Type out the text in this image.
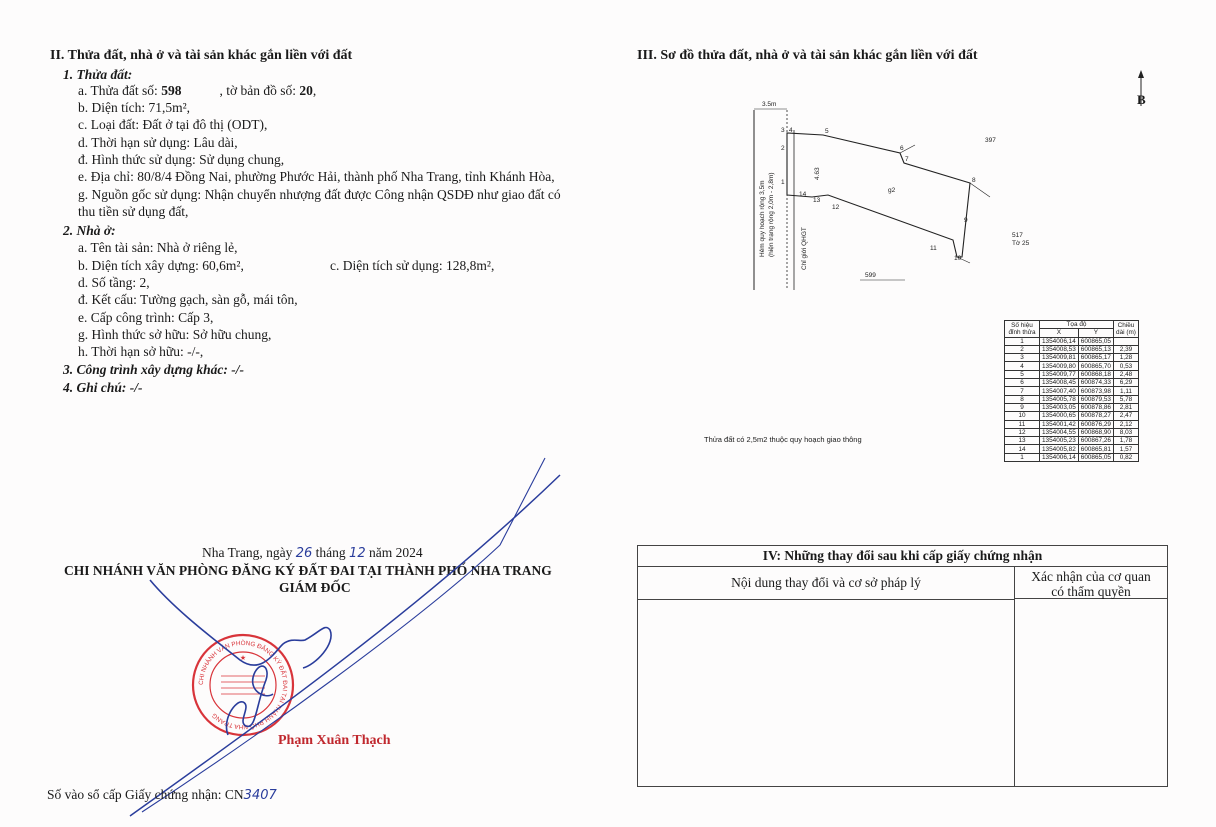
II. Thửa đất, nhà ở và tài sản khác gắn liền với đất
1. Thửa đất:
a. Thửa đất số: 598	, tờ bản đồ số: 20,
b. Diện tích: 71,5m²,
c. Loại đất: Đất ở tại đô thị (ODT),
d. Thời hạn sử dụng: Lâu dài,
đ. Hình thức sử dụng: Sử dụng chung,
e. Địa chỉ: 80/8/4 Đồng Nai, phường Phước Hải, thành phố Nha Trang, tỉnh Khánh Hòa,
g. Nguồn gốc sử dụng: Nhận chuyển nhượng đất được Công nhận QSDĐ như giao đất có
thu tiền sử dụng đất,
2. Nhà ở:
a. Tên tài sản: Nhà ở riêng lẻ,
b. Diện tích xây dựng: 60,6m²,	c. Diện tích sử dụng: 128,8m²,
d. Số tầng: 2,
đ. Kết cấu: Tường gạch, sàn gỗ, mái tôn,
e. Cấp công trình: Cấp 3,
g. Hình thức sở hữu: Sở hữu chung,
h. Thời hạn sở hữu: -/-,
3. Công trình xây dựng khác: -/-
4. Ghi chú: -/-
Nha Trang, ngày 26 tháng 12 năm 2024
CHI NHÁNH VĂN PHÒNG ĐĂNG KÝ ĐẤT ĐAI TẠI THÀNH PHỐ NHA TRANG
GIÁM ĐỐC
CHI NHÁNH VĂN PHÒNG ĐĂNG KÝ ĐẤT ĐAI TẠI THÀNH PHỐ NHA TRANG
★
Phạm Xuân Thạch
Số vào sổ cấp Giấy chứng nhận: CN3407
III. Sơ đồ thửa đất, nhà ở và tài sản khác gắn liền với đất
B
3.5m
Hẻm quy hoạch rộng 3,5m (hiện trạng rộng 2,0m - 2,8m)	Chỉ giới QHGT
4.63
397
g2
517
Tờ 25
599
1
2
3 4	5
6
7
8
9
10
11
12
13
14
Số hiệu đỉnh thửa	Tọa độ		Chiều dài (m)
	X	Y	
1	1354006,14	600865,05	
2	1354008,53	600865,13	2,39
3	1354009,81	600865,17	1,28
4	1354009,80	600865,70	0,53
5	1354009,77	600868,18	2,48
6	1354008,45	600874,33	6,29
7	1354007,40	600873,98	1,11
8	1354005,78	600879,53	5,78
9	1354003,05	600878,86	2,81
10	1354000,65	600878,27	2,47
11	1354001,42	600876,29	2,12
12	1354004,55	600868,90	8,03
13	1354005,23	600867,26	1,78
14	1354005,82	600865,81	1,57
1	1354006,14	600865,05	0,82
Thửa đất có 2,5m2 thuộc quy hoạch giao thông
IV: Những thay đổi sau khi cấp giấy chứng nhận
Nội dung thay đổi và cơ sở pháp lý	Xác nhận của cơ quan
có thẩm quyền
